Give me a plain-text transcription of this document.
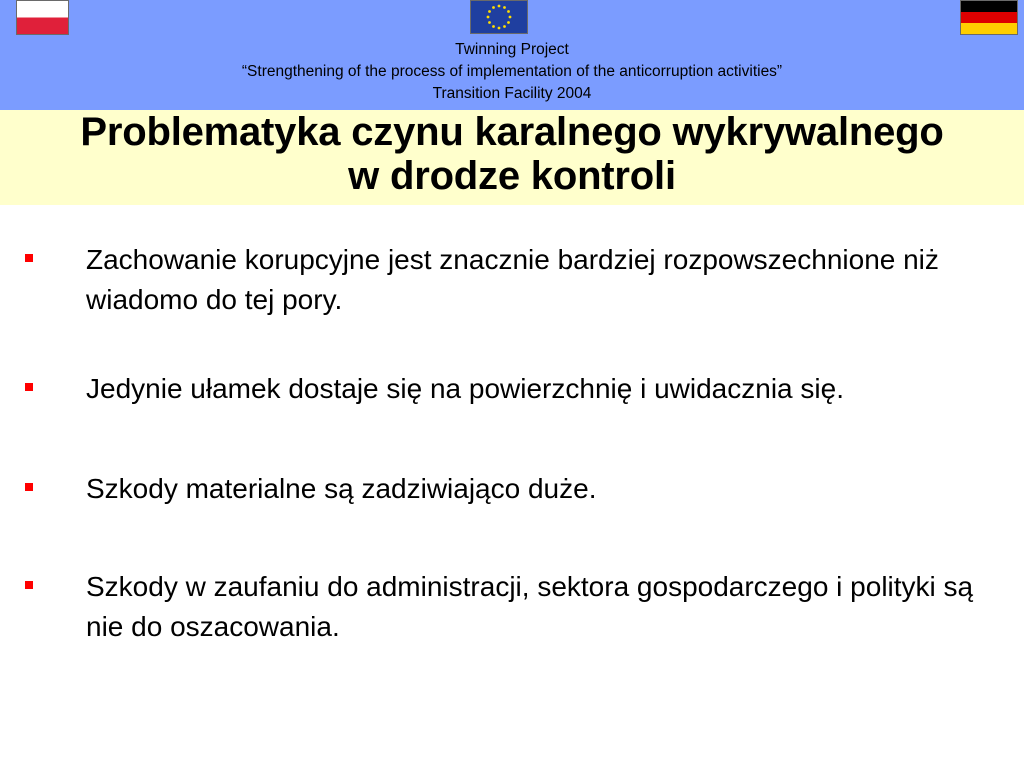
Twinning Project
“Strengthening of the process of implementation of the anticorruption activities”
Transition Facility 2004
Problematyka czynu karalnego wykrywalnego
w drodze kontroli
Zachowanie korupcyjne jest znacznie bardziej rozpowszechnione niż wiadomo do tej pory.
Jedynie ułamek dostaje się na powierzchnię i uwidacznia się.
Szkody materialne są zadziwiająco duże.
Szkody w zaufaniu do administracji, sektora gospodarczego i polityki są nie do oszacowania.
